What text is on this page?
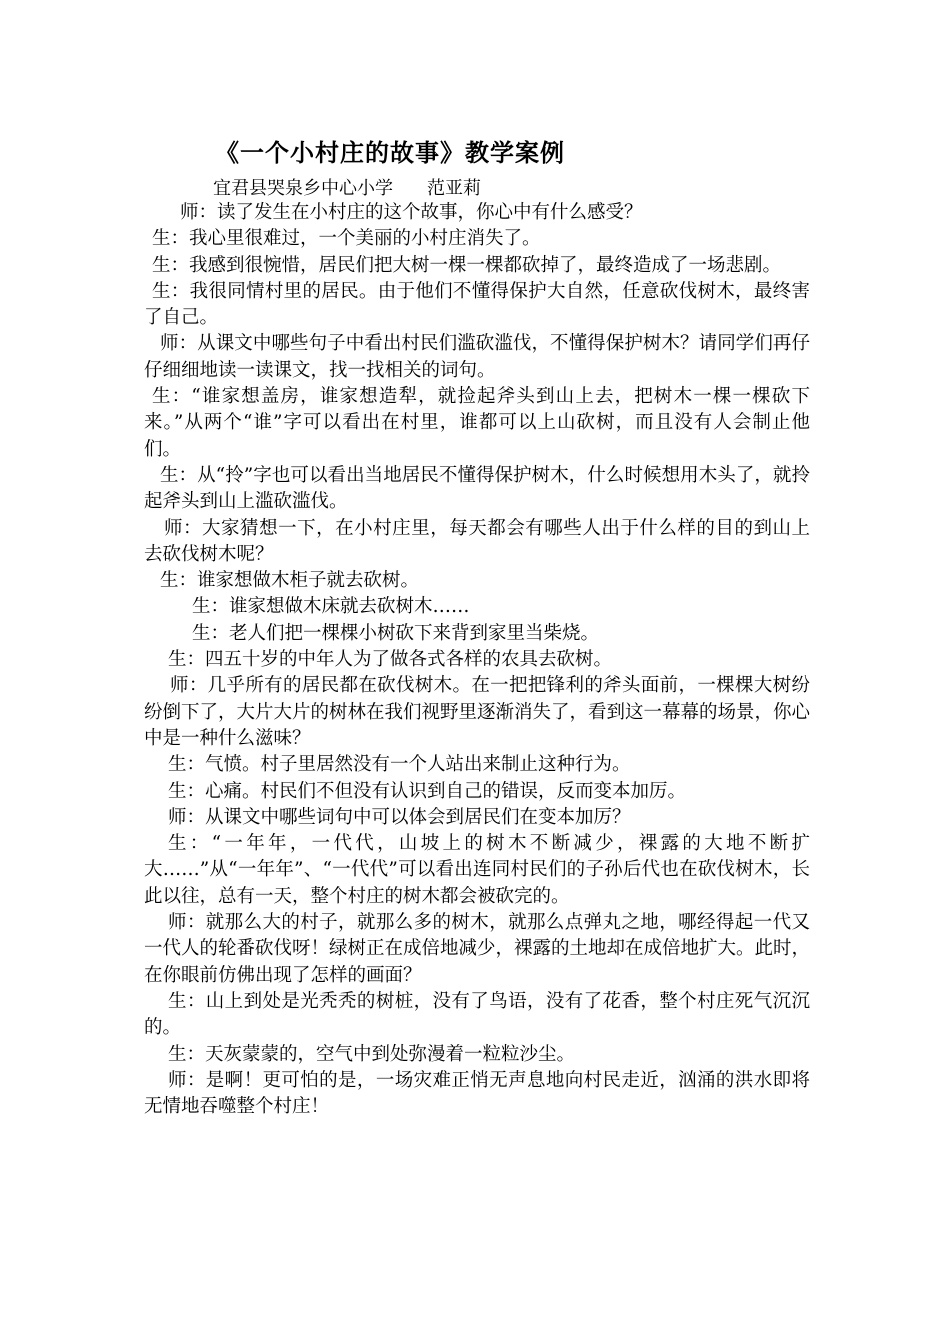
《一个小村庄的故事》教学案例
宜君县哭泉乡中心小学 范亚莉

师：读了发生在小村庄的这个故事，你心中有什么感受？

生：我心里很难过，一个美丽的小村庄消失了。

生：我感到很惋惜，居民们把大树一棵一棵都砍掉了，最终造成了一场悲剧。

生：我很同情村里的居民。由于他们不懂得保护大自然，任意砍伐树木，最终害了自己。

师：从课文中哪些句子中看出村民们滥砍滥伐，不懂得保护树木？请同学们再仔仔细细地读一读课文，找一找相关的词句。

生：“谁家想盖房，谁家想造犁，就捡起斧头到山上去，把树木一棵一棵砍下来。”从两个“谁”字可以看出在村里，谁都可以上山砍树，而且没有人会制止他们。

生：从“拎”字也可以看出当地居民不懂得保护树木，什么时候想用木头了，就拎起斧头到山上滥砍滥伐。

师：大家猜想一下，在小村庄里，每天都会有哪些人出于什么样的目的到山上去砍伐树木呢？

生：谁家想做木柜子就去砍树。

生：谁家想做木床就去砍树木……

生：老人们把一棵棵小树砍下来背到家里当柴烧。

生：四五十岁的中年人为了做各式各样的农具去砍树。

师：几乎所有的居民都在砍伐树木。在一把把锋利的斧头面前，一棵棵大树纷纷倒下了，大片大片的树林在我们视野里逐渐消失了，看到这一幕幕的场景，你心中是一种什么滋味？

生：气愤。村子里居然没有一个人站出来制止这种行为。

生：心痛。村民们不但没有认识到自己的错误，反而变本加厉。

师：从课文中哪些词句中可以体会到居民们在变本加厉？

生：“一年年，一代代，山坡上的树木不断减少，裸露的大地不断扩大……”从“一年年”、“一代代”可以看出连同村民们的子孙后代也在砍伐树木，长此以往，总有一天，整个村庄的树木都会被砍完的。

师：就那么大的村子，就那么多的树木，就那么点弹丸之地，哪经得起一代又一代人的轮番砍伐呀！绿树正在成倍地减少，裸露的土地却在成倍地扩大。此时，在你眼前仿佛出现了怎样的画面？

生：山上到处是光秃秃的树桩，没有了鸟语，没有了花香，整个村庄死气沉沉的。

生：天灰蒙蒙的，空气中到处弥漫着一粒粒沙尘。

师：是啊！更可怕的是，一场灾难正悄无声息地向村民走近，汹涌的洪水即将无情地吞噬整个村庄！
